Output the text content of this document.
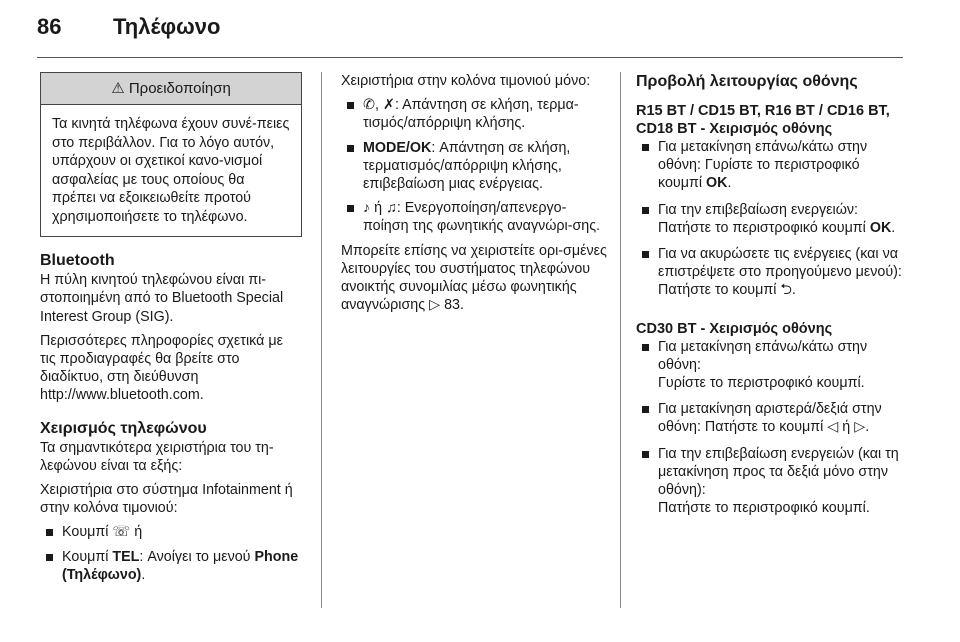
86 Τηλέφωνο
⚠ Προειδοποίηση
Τα κινητά τηλέφωνα έχουν συνέ-πειες στο περιβάλλον. Για το λόγο αυτόν, υπάρχουν οι σχετικοί κανο-νισμοί ασφαλείας με τους οποίους θα πρέπει να εξοικειωθείτε προτού χρησιμοποιήσετε το τηλέφωνο.
Bluetooth

Η πύλη κινητού τηλεφώνου είναι πι-στοποιημένη από το Bluetooth Special Interest Group (SIG).

Περισσότερες πληροφορίες σχετικά με τις προδιαγραφές θα βρείτε στο διαδίκτυο, στη διεύθυνση http://www.bluetooth.com.

Χειρισμός τηλεφώνου

Τα σημαντικότερα χειριστήρια του τη-λεφώνου είναι τα εξής:

Χειριστήρια στο σύστημα Infotainment ή στην κολόνα τιμονιού:

Κουμπί ☏ ή
Κουμπί TEL: Ανοίγει το μενού Phone (Τηλέφωνο).

Χειριστήρια στην κολόνα τιμονιού μόνο:

✆, ✗: Απάντηση σε κλήση, τερμα-τισμός/απόρριψη κλήσης.
MODE/OK: Απάντηση σε κλήση, τερματισμός/απόρριψη κλήσης, επιβεβαίωση μιας ενέργειας.
♪ ή ♫: Ενεργοποίηση/απενεργο-ποίηση της φωνητικής αναγνώρι-σης.

Μπορείτε επίσης να χειριστείτε ορι-σμένες λειτουργίες του συστήματος τηλεφώνου ανοικτής συνομιλίας μέσω φωνητικής αναγνώρισης ▷ 83.

Προβολή λειτουργίας οθόνης
R15 BT / CD15 BT, R16 BT / CD16 BT, CD18 BT - Χειρισμός οθόνης
Για μετακίνηση επάνω/κάτω στην οθόνη: Γυρίστε το περιστροφικό κουμπί OK.
Για την επιβεβαίωση ενεργειών: Πατήστε το περιστροφικό κουμπί OK.
Για να ακυρώσετε τις ενέργειες (και να επιστρέψετε στο προηγούμενο μενού): Πατήστε το κουμπί ⮌.
CD30 BT - Χειρισμός οθόνης
Για μετακίνηση επάνω/κάτω στην οθόνη:
Γυρίστε το περιστροφικό κουμπί.
Για μετακίνηση αριστερά/δεξιά στην οθόνη: Πατήστε το κουμπί ◁ ή ▷.
Για την επιβεβαίωση ενεργειών (και τη μετακίνηση προς τα δεξιά μόνο στην οθόνη):
Πατήστε το περιστροφικό κουμπί.
